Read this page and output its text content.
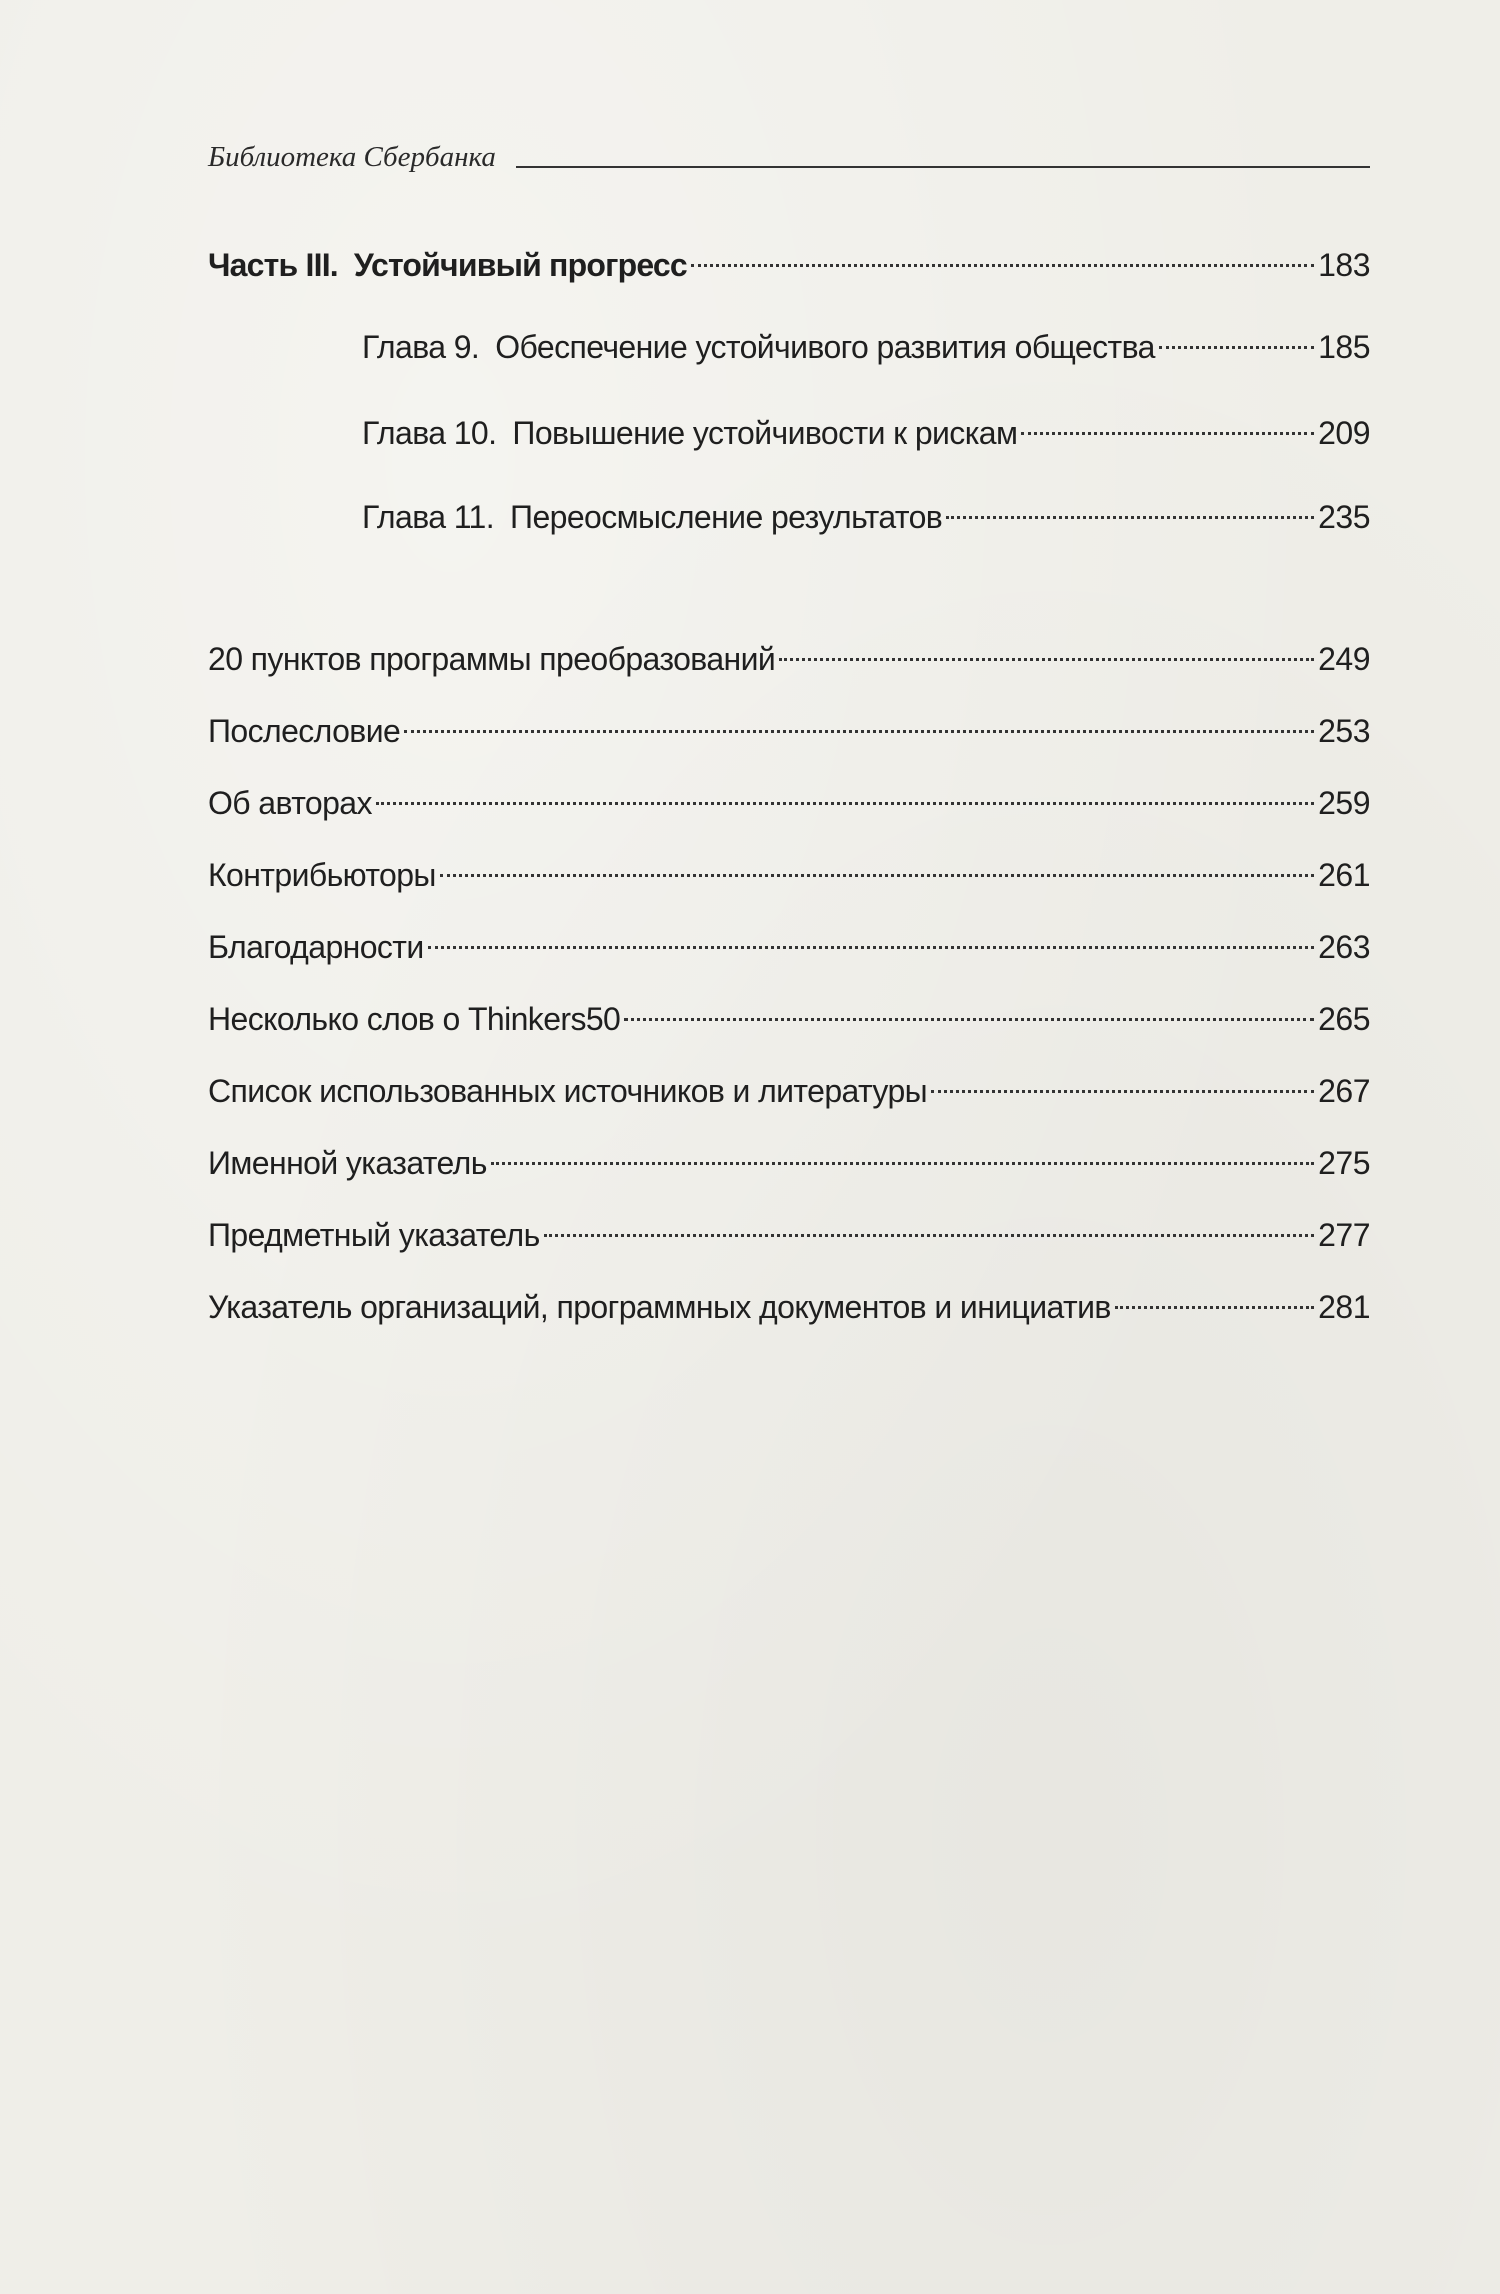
Библиотека Сбербанка
Часть III. Устойчивый прогресс	183
Глава 9. Обеспечение устойчивого развития общества	185
Глава 10. Повышение устойчивости к рискам	209
Глава 11. Переосмысление результатов	235
20 пунктов программы преобразований	249
Послесловие	253
Об авторах	259
Контрибьюторы	261
Благодарности	263
Несколько слов о Thinkers50	265
Список использованных источников и литературы	267
Именной указатель	275
Предметный указатель	277
Указатель организаций, программных документов и инициатив	281
